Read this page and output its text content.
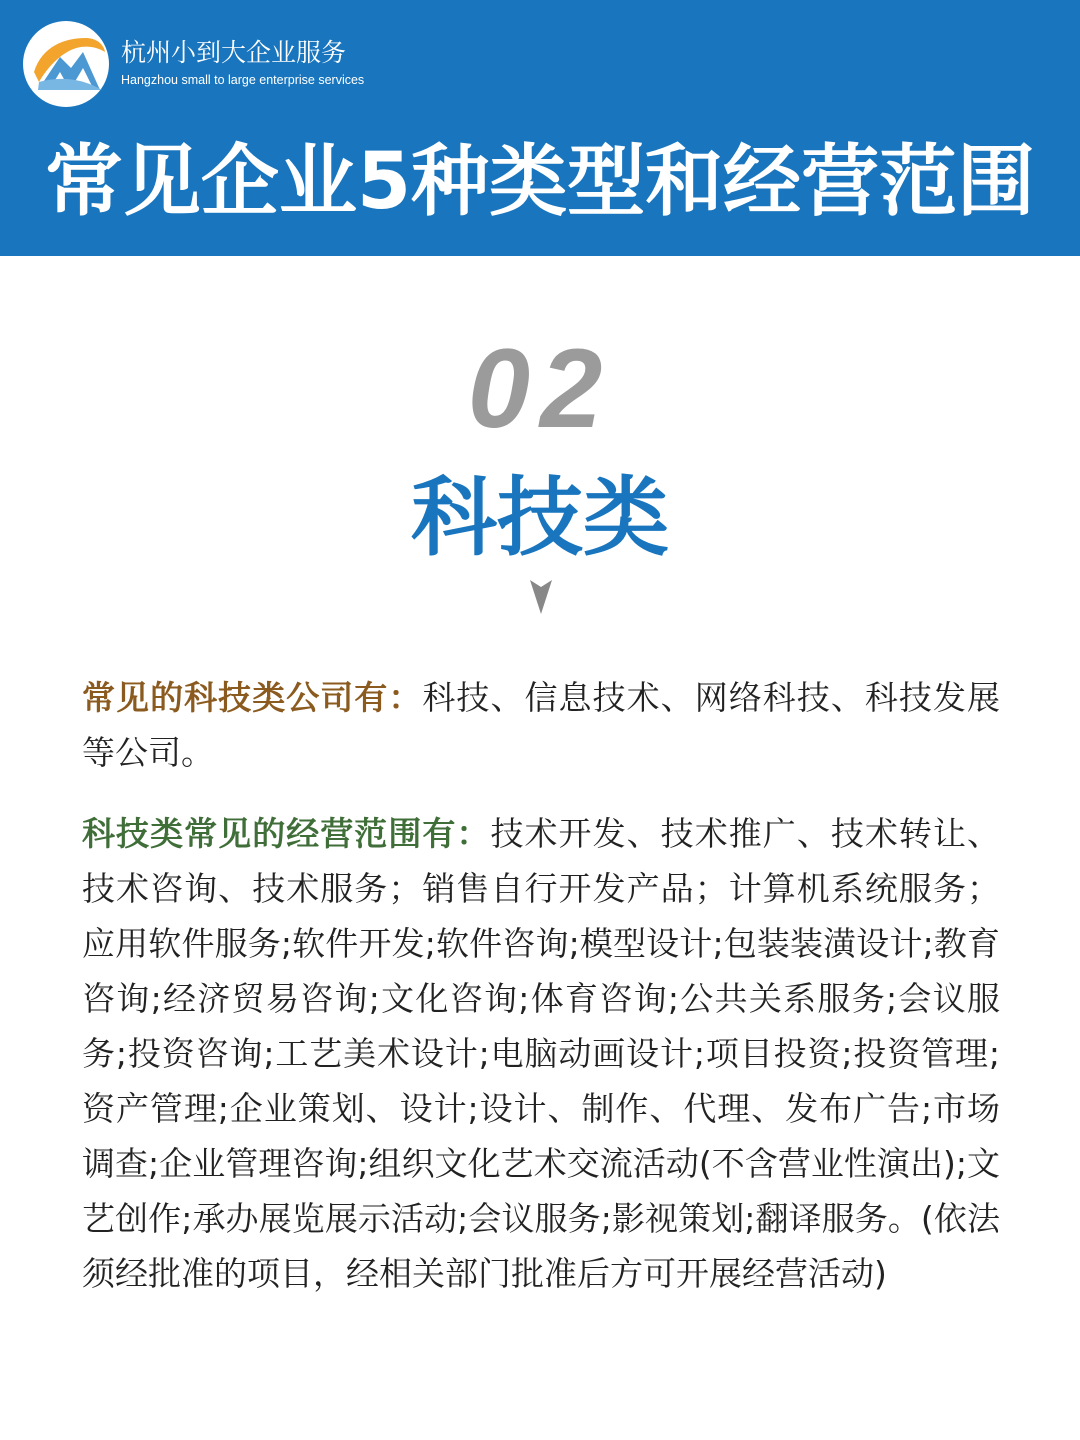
杭州小到大企业服务
Hangzhou small to large enterprise services
常见企业5种类型和经营范围
02
科技类

常见的科技类公司有：科技、信息技术、网络科技、科技发展等公司。

科技类常见的经营范围有：技术开发、技术推广、技术转让、技术咨询、技术服务；销售自行开发产品；计算机系统服务；应用软件服务;软件开发;软件咨询;模型设计;包装装潢设计;教育咨询;经济贸易咨询;文化咨询;体育咨询;公共关系服务;会议服务;投资咨询;工艺美术设计;电脑动画设计;项目投资;投资管理;资产管理;企业策划、设计;设计、制作、代理、发布广告;市场调查;企业管理咨询;组织文化艺术交流活动(不含营业性演出);文艺创作;承办展览展示活动;会议服务;影视策划;翻译服务。(依法须经批准的项目，经相关部门批准后方可开展经营活动)
